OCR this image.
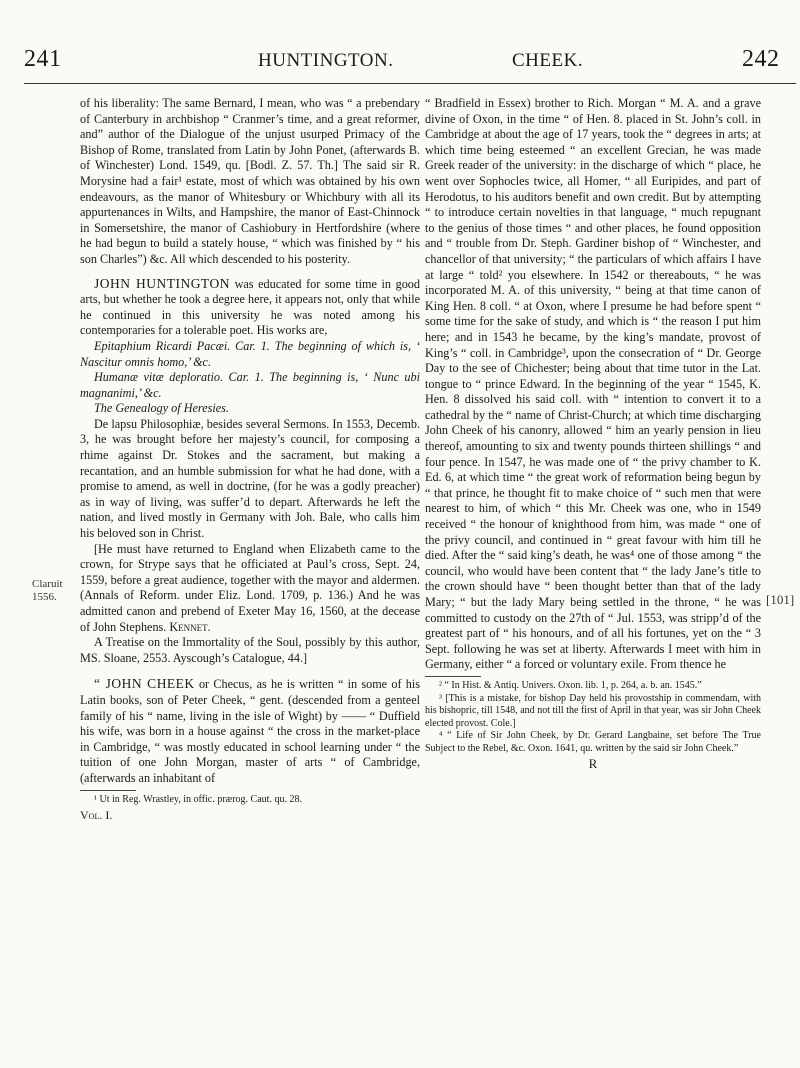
241	HUNTINGTON.	CHEEK.	242
Claruit
1556.	[101]

of his liberality: The same Bernard, I mean, who was “ a prebendary of Canterbury in archbishop “ Cranmer’s time, and a great reformer, and” author of the Dialogue of the unjust usurped Primacy of the Bishop of Rome, translated from Latin by John Ponet, (afterwards B. of Winchester) Lond. 1549, qu. [Bodl. Z. 57. Th.] The said sir R. Morysine had a fair¹ estate, most of which was obtained by his own endeavours, as the manor of Whitesbury or Whichbury with all its appurtenances in Wilts, and Hampshire, the manor of East-Chinnock in Somersetshire, the manor of Cashiobury in Hertfordshire (where he had begun to build a stately house, “ which was finished by “ his son Charles”) &c. All which descended to his posterity.

JOHN HUNTINGTON was educated for some time in good arts, but whether he took a degree here, it appears not, only that while he continued in this university he was noted among his contemporaries for a tolerable poet. His works are,

Epitaphium Ricardi Pacæi. Car. 1. The beginning of which is, ‘ Nascitur omnis homo,’ &c.

Humanæ vitæ deploratio. Car. 1. The beginning is, ‘ Nunc ubi magnanimi,’ &c.

The Genealogy of Heresies.

De lapsu Philosophiæ, besides several Sermons. In 1553, Decemb. 3, he was brought before her majesty’s council, for composing a rhime against Dr. Stokes and the sacrament, but making a recantation, and an humble submission for what he had done, with a promise to amend, as well in doctrine, (for he was a godly preacher) as in way of living, was suffer’d to depart. Afterwards he left the nation, and lived mostly in Germany with Joh. Bale, who calls him his beloved son in Christ.

[He must have returned to England when Elizabeth came to the crown, for Strype says that he officiated at Paul’s cross, Sept. 24, 1559, before a great audience, together with the mayor and aldermen. (Annals of Reform. under Eliz. Lond. 1709, p. 136.) And he was admitted canon and prebend of Exeter May 16, 1560, at the decease of John Stephens. Kennet.

A Treatise on the Immortality of the Soul, possibly by this author, MS. Sloane, 2553. Ayscough’s Catalogue, 44.]

“ JOHN CHEEK or Checus, as he is written “ in some of his Latin books, son of Peter Cheek, “ gent. (descended from a genteel family of his “ name, living in the isle of Wight) by —— “ Duffield his wife, was born in a house against “ the cross in the market-place in Cambridge, “ was mostly educated in school learning under “ the tuition of one John Morgan, master of arts “ of Cambridge, (afterwards an inhabitant of

¹ Ut in Reg. Wrastley, in offic. prærog. Caut. qu. 28.

Vol. I.

“ Bradfield in Essex) brother to Rich. Morgan “ M. A. and a grave divine of Oxon, in the time “ of Hen. 8. placed in St. John’s coll. in Cambridge at about the age of 17 years, took the “ degrees in arts; at which time being esteemed “ an excellent Grecian, he was made Greek reader of the university: in the discharge of which “ place, he went over Sophocles twice, all Homer, “ all Euripides, and part of Herodotus, to his auditors benefit and own credit. But by attempting “ to introduce certain novelties in that language, “ much repugnant to the genius of those times “ and other places, he found opposition and “ trouble from Dr. Steph. Gardiner bishop of “ Winchester, and chancellor of that university; “ the particulars of which affairs I have at large “ told² you elsewhere. In 1542 or thereabouts, “ he was incorporated M. A. of this university, “ being at that time canon of King Hen. 8 coll. “ at Oxon, where I presume he had before spent “ some time for the sake of study, and which is “ the reason I put him here; and in 1543 he became, by the king’s mandate, provost of King’s “ coll. in Cambridge³, upon the consecration of “ Dr. George Day to the see of Chichester; being about that time tutor in the Lat. tongue to “ prince Edward. In the beginning of the year “ 1545, K. Hen. 8 dissolved his said coll. with “ intention to convert it to a cathedral by the “ name of Christ-Church; at which time discharging John Cheek of his canonry, allowed “ him an yearly pension in lieu thereof, amounting to six and twenty pounds thirteen shillings “ and four pence. In 1547, he was made one of “ the privy chamber to K. Ed. 6, at which time “ the great work of reformation being begun by “ that prince, he thought fit to make choice of “ such men that were nearest to him, of which “ this Mr. Cheek was one, who in 1549 received “ the honour of knighthood from him, was made “ one of the privy council, and continued in “ great favour with him till he died. After the “ said king’s death, he was⁴ one of those among “ the council, who would have been content that “ the lady Jane’s title to the crown should have “ been thought better than that of the lady Mary; “ but the lady Mary being settled in the throne, “ he was committed to custody on the 27th of “ Jul. 1553, was stripp’d of the greatest part of “ his honours, and of all his fortunes, yet on the “ 3 Sept. following he was set at liberty. Afterwards I meet with him in Germany, either “ a forced or voluntary exile. From thence he

² “ In Hist. & Antiq. Univers. Oxon. lib. 1, p. 264, a. b. an. 1545.”

³ [This is a mistake, for bishop Day held his provostship in commendam, with his bishopric, till 1548, and not till the first of April in that year, was sir John Cheek elected provost. Cole.]

⁴ “ Life of Sir John Cheek, by Dr. Gerard Langbaine, set before The True Subject to the Rebel, &c. Oxon. 1641, qu. written by the said sir John Cheek.”

R
